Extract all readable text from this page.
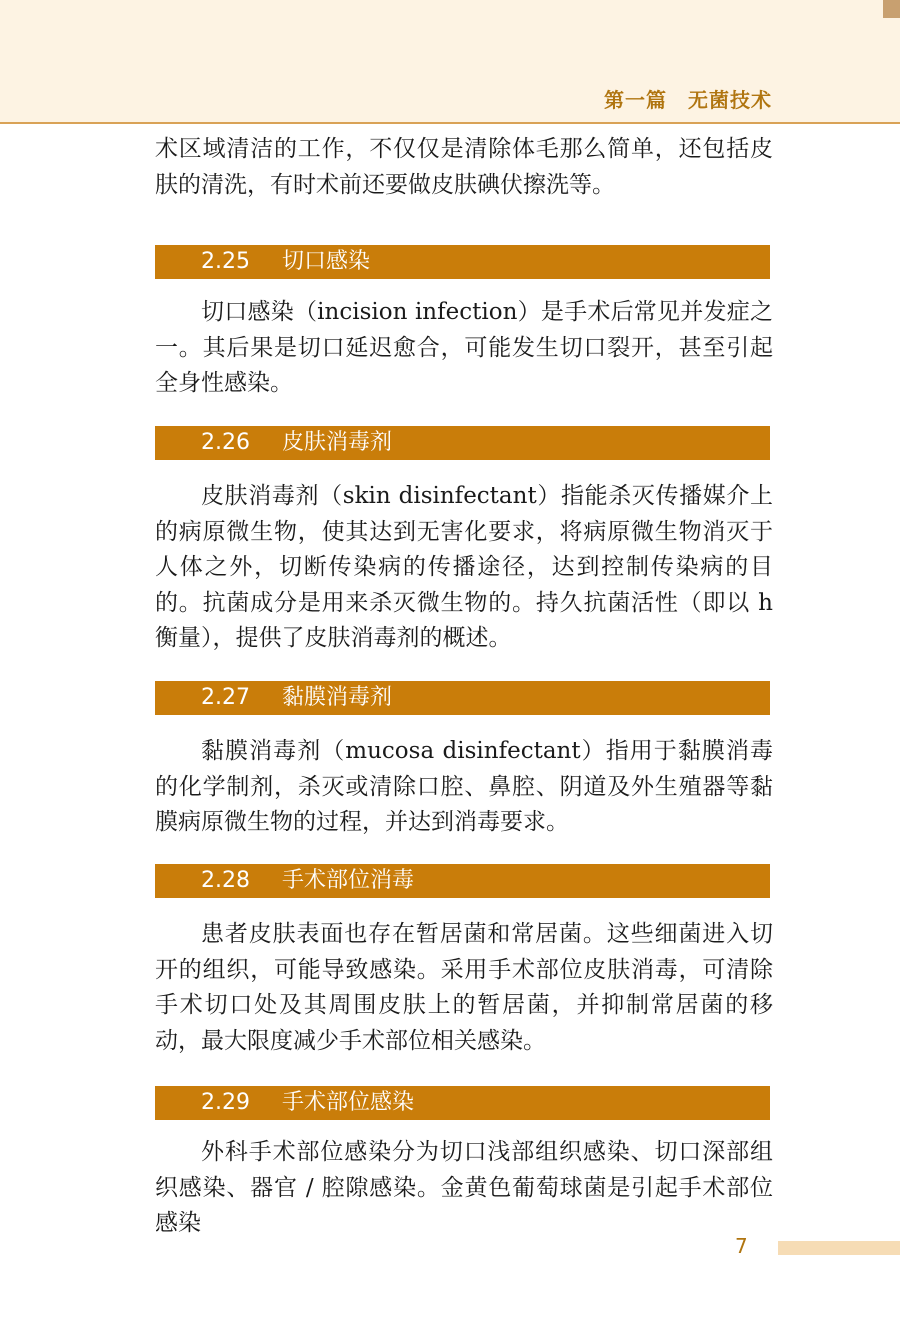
第一篇　无菌技术

术区域清洁的工作，不仅仅是清除体毛那么简单，还包括皮肤的清洗，有时术前还要做皮肤碘伏擦洗等。

2.25 切口感染

切口感染（incision infection）是手术后常见并发症之一。其后果是切口延迟愈合，可能发生切口裂开，甚至引起全身性感染。

2.26 皮肤消毒剂

皮肤消毒剂（skin disinfectant）指能杀灭传播媒介上的病原微生物，使其达到无害化要求，将病原微生物消灭于人体之外，切断传染病的传播途径，达到控制传染病的目的。抗菌成分是用来杀灭微生物的。持久抗菌活性（即以 h 衡量），提供了皮肤消毒剂的概述。

2.27 黏膜消毒剂

黏膜消毒剂（mucosa disinfectant）指用于黏膜消毒的化学制剂，杀灭或清除口腔、鼻腔、阴道及外生殖器等黏膜病原微生物的过程，并达到消毒要求。

2.28 手术部位消毒

患者皮肤表面也存在暂居菌和常居菌。这些细菌进入切开的组织，可能导致感染。采用手术部位皮肤消毒，可清除手术切口处及其周围皮肤上的暂居菌，并抑制常居菌的移动，最大限度减少手术部位相关感染。

2.29 手术部位感染

外科手术部位感染分为切口浅部组织感染、切口深部组织感染、器官 / 腔隙感染。金黄色葡萄球菌是引起手术部位感染

7
